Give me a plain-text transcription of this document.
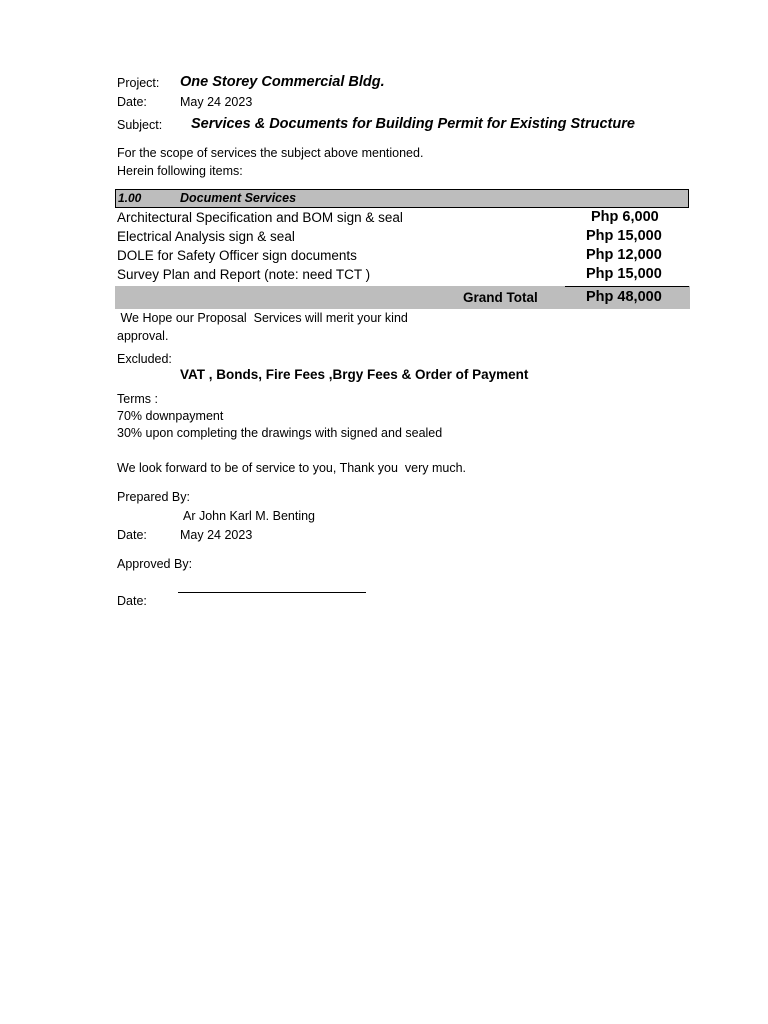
Project: One Storey Commercial Bldg.
Date:	May 24 2023
Subject: Services & Documents for Building Permit for Existing Structure
For the scope of services the subject above mentioned.
Herein following items:
1.00	Document Services
Architectural Specification and BOM sign & seal	Php 6,000
Electrical Analysis sign & seal	Php 15,000
DOLE for Safety Officer sign documents	Php 12,000
Survey Plan and Report (note: need TCT )	Php 15,000
Grand Total	Php 48,000
We Hope our Proposal  Services will merit your kind
approval.
Excluded:
VAT , Bonds, Fire Fees ,Brgy Fees & Order of Payment
Terms :
70% downpayment
30% upon completing the drawings with signed and sealed
We look forward to be of service to you, Thank you  very much.
Prepared By:
Ar John Karl M. Benting
Date:	May 24 2023
Approved By:
Date:
